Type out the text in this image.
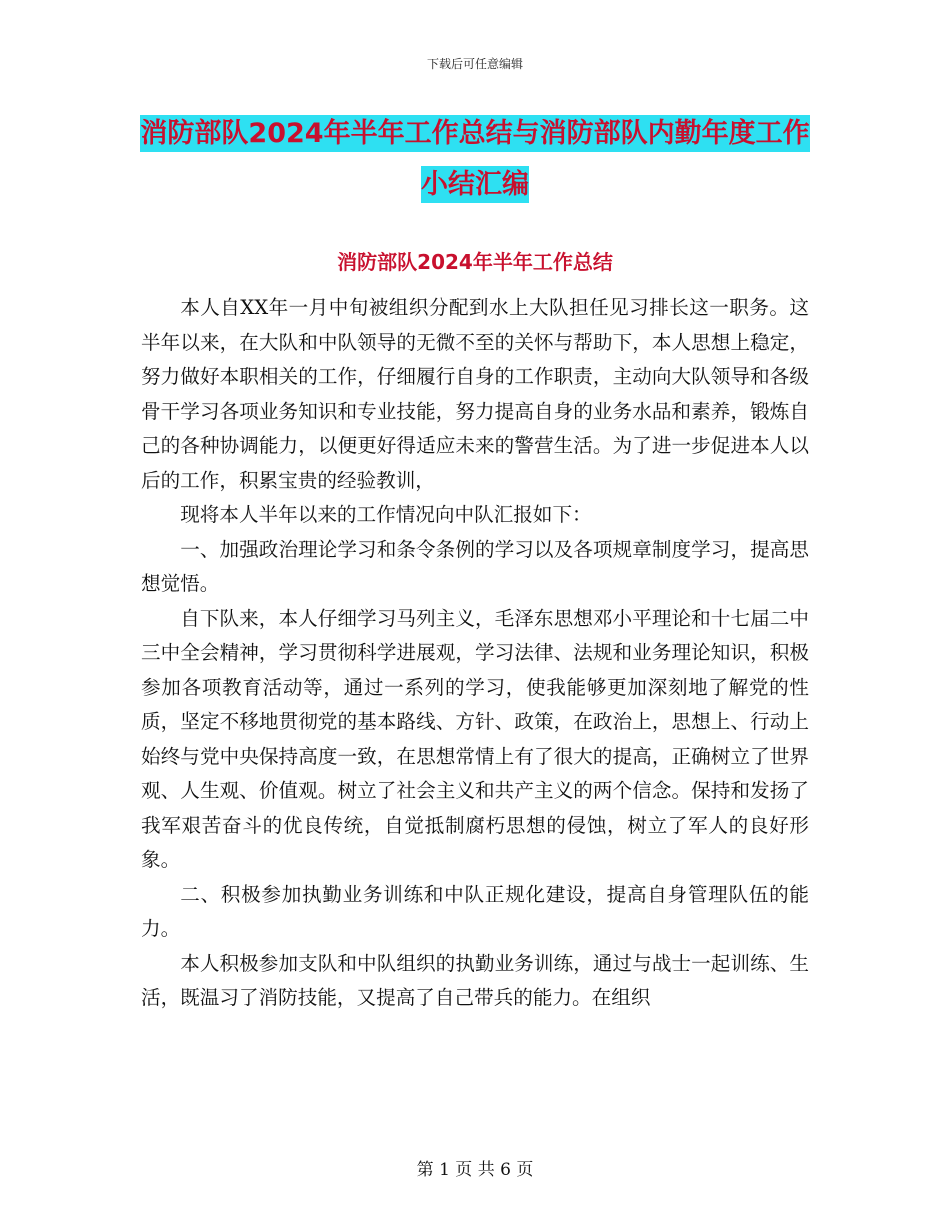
下载后可任意编辑
消防部队2024年半年工作总结与消防部队内勤年度工作小结汇编
消防部队2024年半年工作总结

本人自XX年一月中旬被组织分配到水上大队担任见习排长这一职务。这半年以来，在大队和中队领导的无微不至的关怀与帮助下，本人思想上稳定，努力做好本职相关的工作，仔细履行自身的工作职责，主动向大队领导和各级骨干学习各项业务知识和专业技能，努力提高自身的业务水品和素养，锻炼自己的各种协调能力，以便更好得适应未来的警营生活。为了进一步促进本人以后的工作，积累宝贵的经验教训，

现将本人半年以来的工作情况向中队汇报如下：

一、加强政治理论学习和条令条例的学习以及各项规章制度学习，提高思想觉悟。

自下队来，本人仔细学习马列主义，毛泽东思想邓小平理论和十七届二中三中全会精神，学习贯彻科学进展观，学习法律、法规和业务理论知识，积极参加各项教育活动等，通过一系列的学习，使我能够更加深刻地了解党的性质，坚定不移地贯彻党的基本路线、方针、政策，在政治上，思想上、行动上始终与党中央保持高度一致，在思想常情上有了很大的提高，正确树立了世界观、人生观、价值观。树立了社会主义和共产主义的两个信念。保持和发扬了我军艰苦奋斗的优良传统，自觉抵制腐朽思想的侵蚀，树立了军人的良好形象。

二、积极参加执勤业务训练和中队正规化建设，提高自身管理队伍的能力。

本人积极参加支队和中队组织的执勤业务训练，通过与战士一起训练、生活，既温习了消防技能，又提高了自己带兵的能力。在组织

第 1 页 共 6 页
